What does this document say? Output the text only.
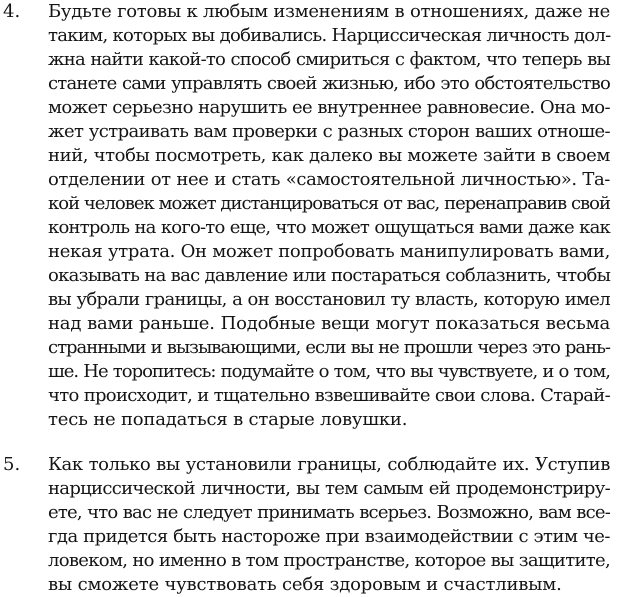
4. Будьте готовы к любым изменениям в отношениях, даже не
таким, которых вы добивались. Нарциссическая личность дол-
жна найти какой-то способ смириться с фактом, что теперь вы
станете сами управлять своей жизнью, ибо это обстоятельство
может серьезно нарушить ее внутреннее равновесие. Она мо-
жет устраивать вам проверки с разных сторон ваших отноше-
ний, чтобы посмотреть, как далеко вы можете зайти в своем
отделении от нее и стать «самостоятельной личностью». Та-
кой человек может дистанцироваться от вас, перенаправив свой
контроль на кого-то еще, что может ощущаться вами даже как
некая утрата. Он может попробовать манипулировать вами,
оказывать на вас давление или постараться соблазнить, чтобы
вы убрали границы, а он восстановил ту власть, которую имел
над вами раньше. Подобные вещи могут показаться весьма
странными и вызывающими, если вы не прошли через это рань-
ше. Не торопитесь: подумайте о том, что вы чувствуете, и о том,
что происходит, и тщательно взвешивайте свои слова. Старай-
тесь не попадаться в старые ловушки.

5. Как только вы установили границы, соблюдайте их. Уступив
нарциссической личности, вы тем самым ей продемонстриру-
ете, что вас не следует принимать всерьез. Возможно, вам все-
гда придется быть настороже при взаимодействии с этим че-
ловеком, но именно в том пространстве, которое вы защитите,
вы сможете чувствовать себя здоровым и счастливым.
